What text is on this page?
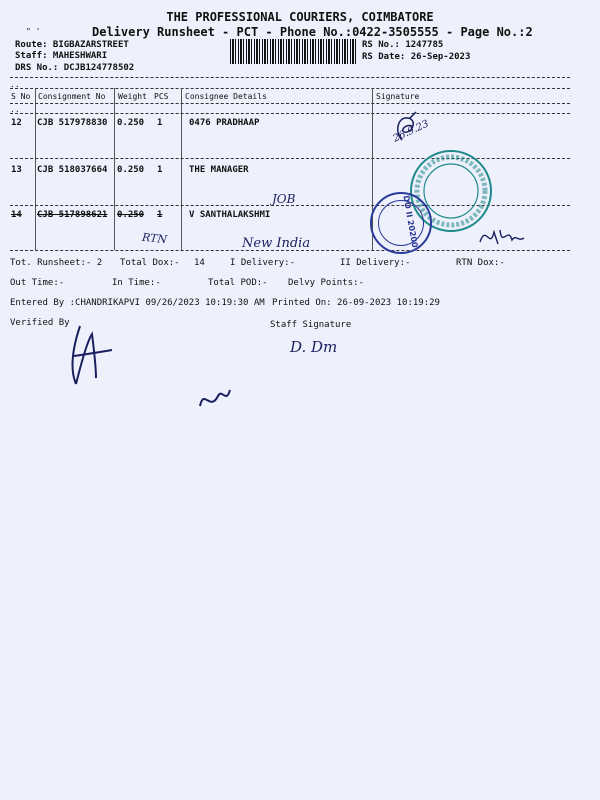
THE PROFESSIONAL COURIERS, COIMBATORE
" '	Delivery Runsheet - PCT - Phone No.:0422-3505555 - Page No.:2
Route: BIGBAZARSTREET
Staff: MAHESHWARI
DRS No.: DCJB124778502
RS No.: 1247785
RS Date: 26-Sep-2023
..
S No Consignment No Weight PCS Consignee Details	Signature
..
12 CJB 517978830 0.250 1	0476 PRADHAAP
13 CJB 518037664 0.250 1	THE MANAGER
14 CJB 517898621 0.250 1	V SANTHALAKSHMI
26.9.23
JOB
RTN	New India	DO II 20200
Tot. Runsheet:- 2 Total Dox:- 14	I Delivery:-	II Delivery:-	RTN Dox:-
Out Time:-	In Time:-	Total POD:- Delvy Points:-
Entered By :CHANDRIKAPVI 09/26/2023 10:19:30 AM Printed On: 26-09-2023 10:19:29
Verified By	Staff Signature
D. Dm
